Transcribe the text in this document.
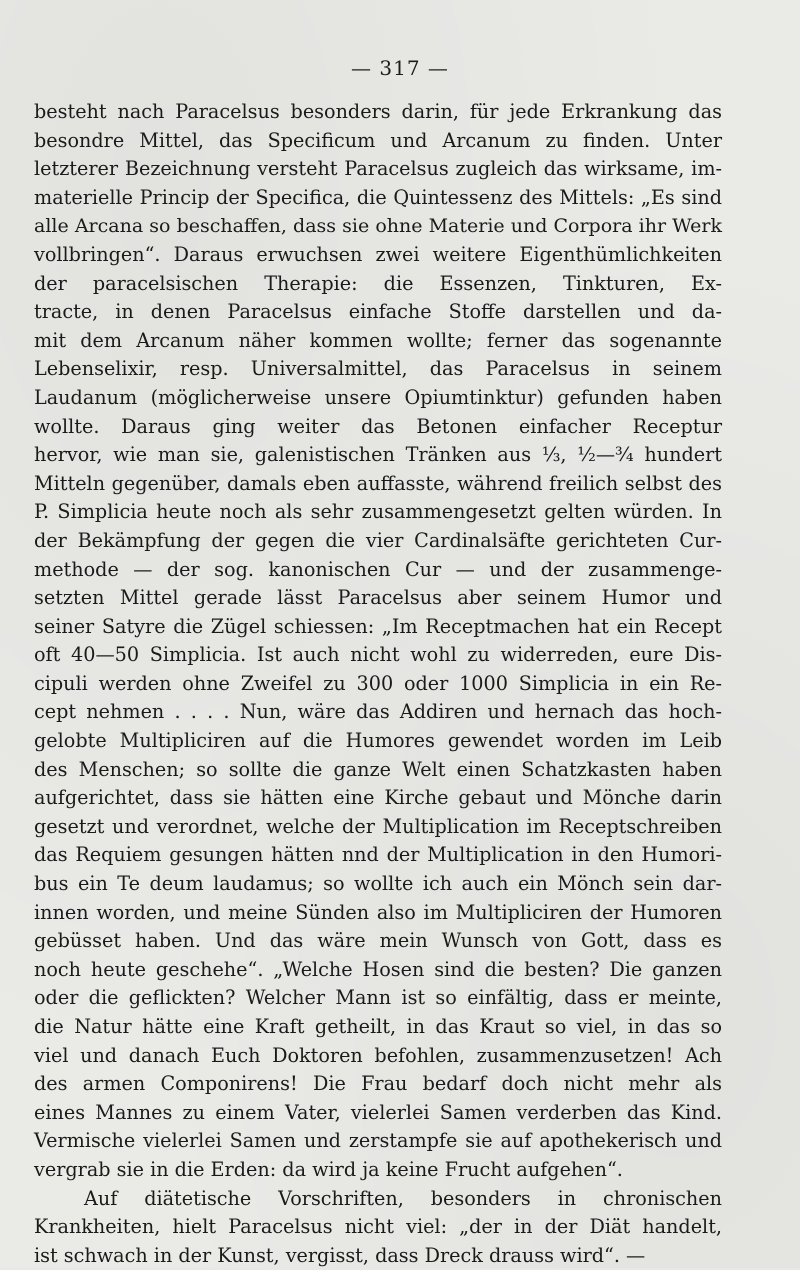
— 317 —
besteht nach Paracelsus besonders darin, für jede Erkrankung das
besondre Mittel, das Specificum und Arcanum zu finden. Unter
letzterer Bezeichnung versteht Paracelsus zugleich das wirksame, im-
materielle Princip der Specifica, die Quintessenz des Mittels: „Es sind
alle Arcana so beschaffen, dass sie ohne Materie und Corpora ihr Werk
vollbringen“. Daraus erwuchsen zwei weitere Eigenthümlichkeiten
der paracelsischen Therapie: die Essenzen, Tinkturen, Ex-
tracte, in denen Paracelsus einfache Stoffe darstellen und da-
mit dem Arcanum näher kommen wollte; ferner das sogenannte
Lebenselixir, resp. Universalmittel, das Paracelsus in seinem
Laudanum (möglicherweise unsere Opiumtinktur) gefunden haben
wollte. Daraus ging weiter das Betonen einfacher Receptur
hervor, wie man sie, galenistischen Tränken aus ⅓, ½—¾ hundert
Mitteln gegenüber, damals eben auffasste, während freilich selbst des
P. Simplicia heute noch als sehr zusammengesetzt gelten würden. In
der Bekämpfung der gegen die vier Cardinalsäfte gerichteten Cur-
methode — der sog. kanonischen Cur — und der zusammenge-
setzten Mittel gerade lässt Paracelsus aber seinem Humor und
seiner Satyre die Zügel schiessen: „Im Receptmachen hat ein Recept
oft 40—50 Simplicia. Ist auch nicht wohl zu widerreden, eure Dis-
cipuli werden ohne Zweifel zu 300 oder 1000 Simplicia in ein Re-
cept nehmen . . . . Nun, wäre das Addiren und hernach das hoch-
gelobte Multipliciren auf die Humores gewendet worden im Leib
des Menschen; so sollte die ganze Welt einen Schatzkasten haben
aufgerichtet, dass sie hätten eine Kirche gebaut und Mönche darin
gesetzt und verordnet, welche der Multiplication im Receptschreiben
das Requiem gesungen hätten nnd der Multiplication in den Humori-
bus ein Te deum laudamus; so wollte ich auch ein Mönch sein dar-
innen worden, und meine Sünden also im Multipliciren der Humoren
gebüsset haben. Und das wäre mein Wunsch von Gott, dass es
noch heute geschehe“. „Welche Hosen sind die besten? Die ganzen
oder die geflickten? Welcher Mann ist so einfältig, dass er meinte,
die Natur hätte eine Kraft getheilt, in das Kraut so viel, in das so
viel und danach Euch Doktoren befohlen, zusammenzusetzen! Ach
des armen Componirens! Die Frau bedarf doch nicht mehr als
eines Mannes zu einem Vater, vielerlei Samen verderben das Kind.
Vermische vielerlei Samen und zerstampfe sie auf apothekerisch und
vergrab sie in die Erden: da wird ja keine Frucht aufgehen“.
Auf diätetische Vorschriften, besonders in chronischen
Krankheiten, hielt Paracelsus nicht viel: „der in der Diät handelt,
ist schwach in der Kunst, vergisst, dass Dreck drauss wird“. —
